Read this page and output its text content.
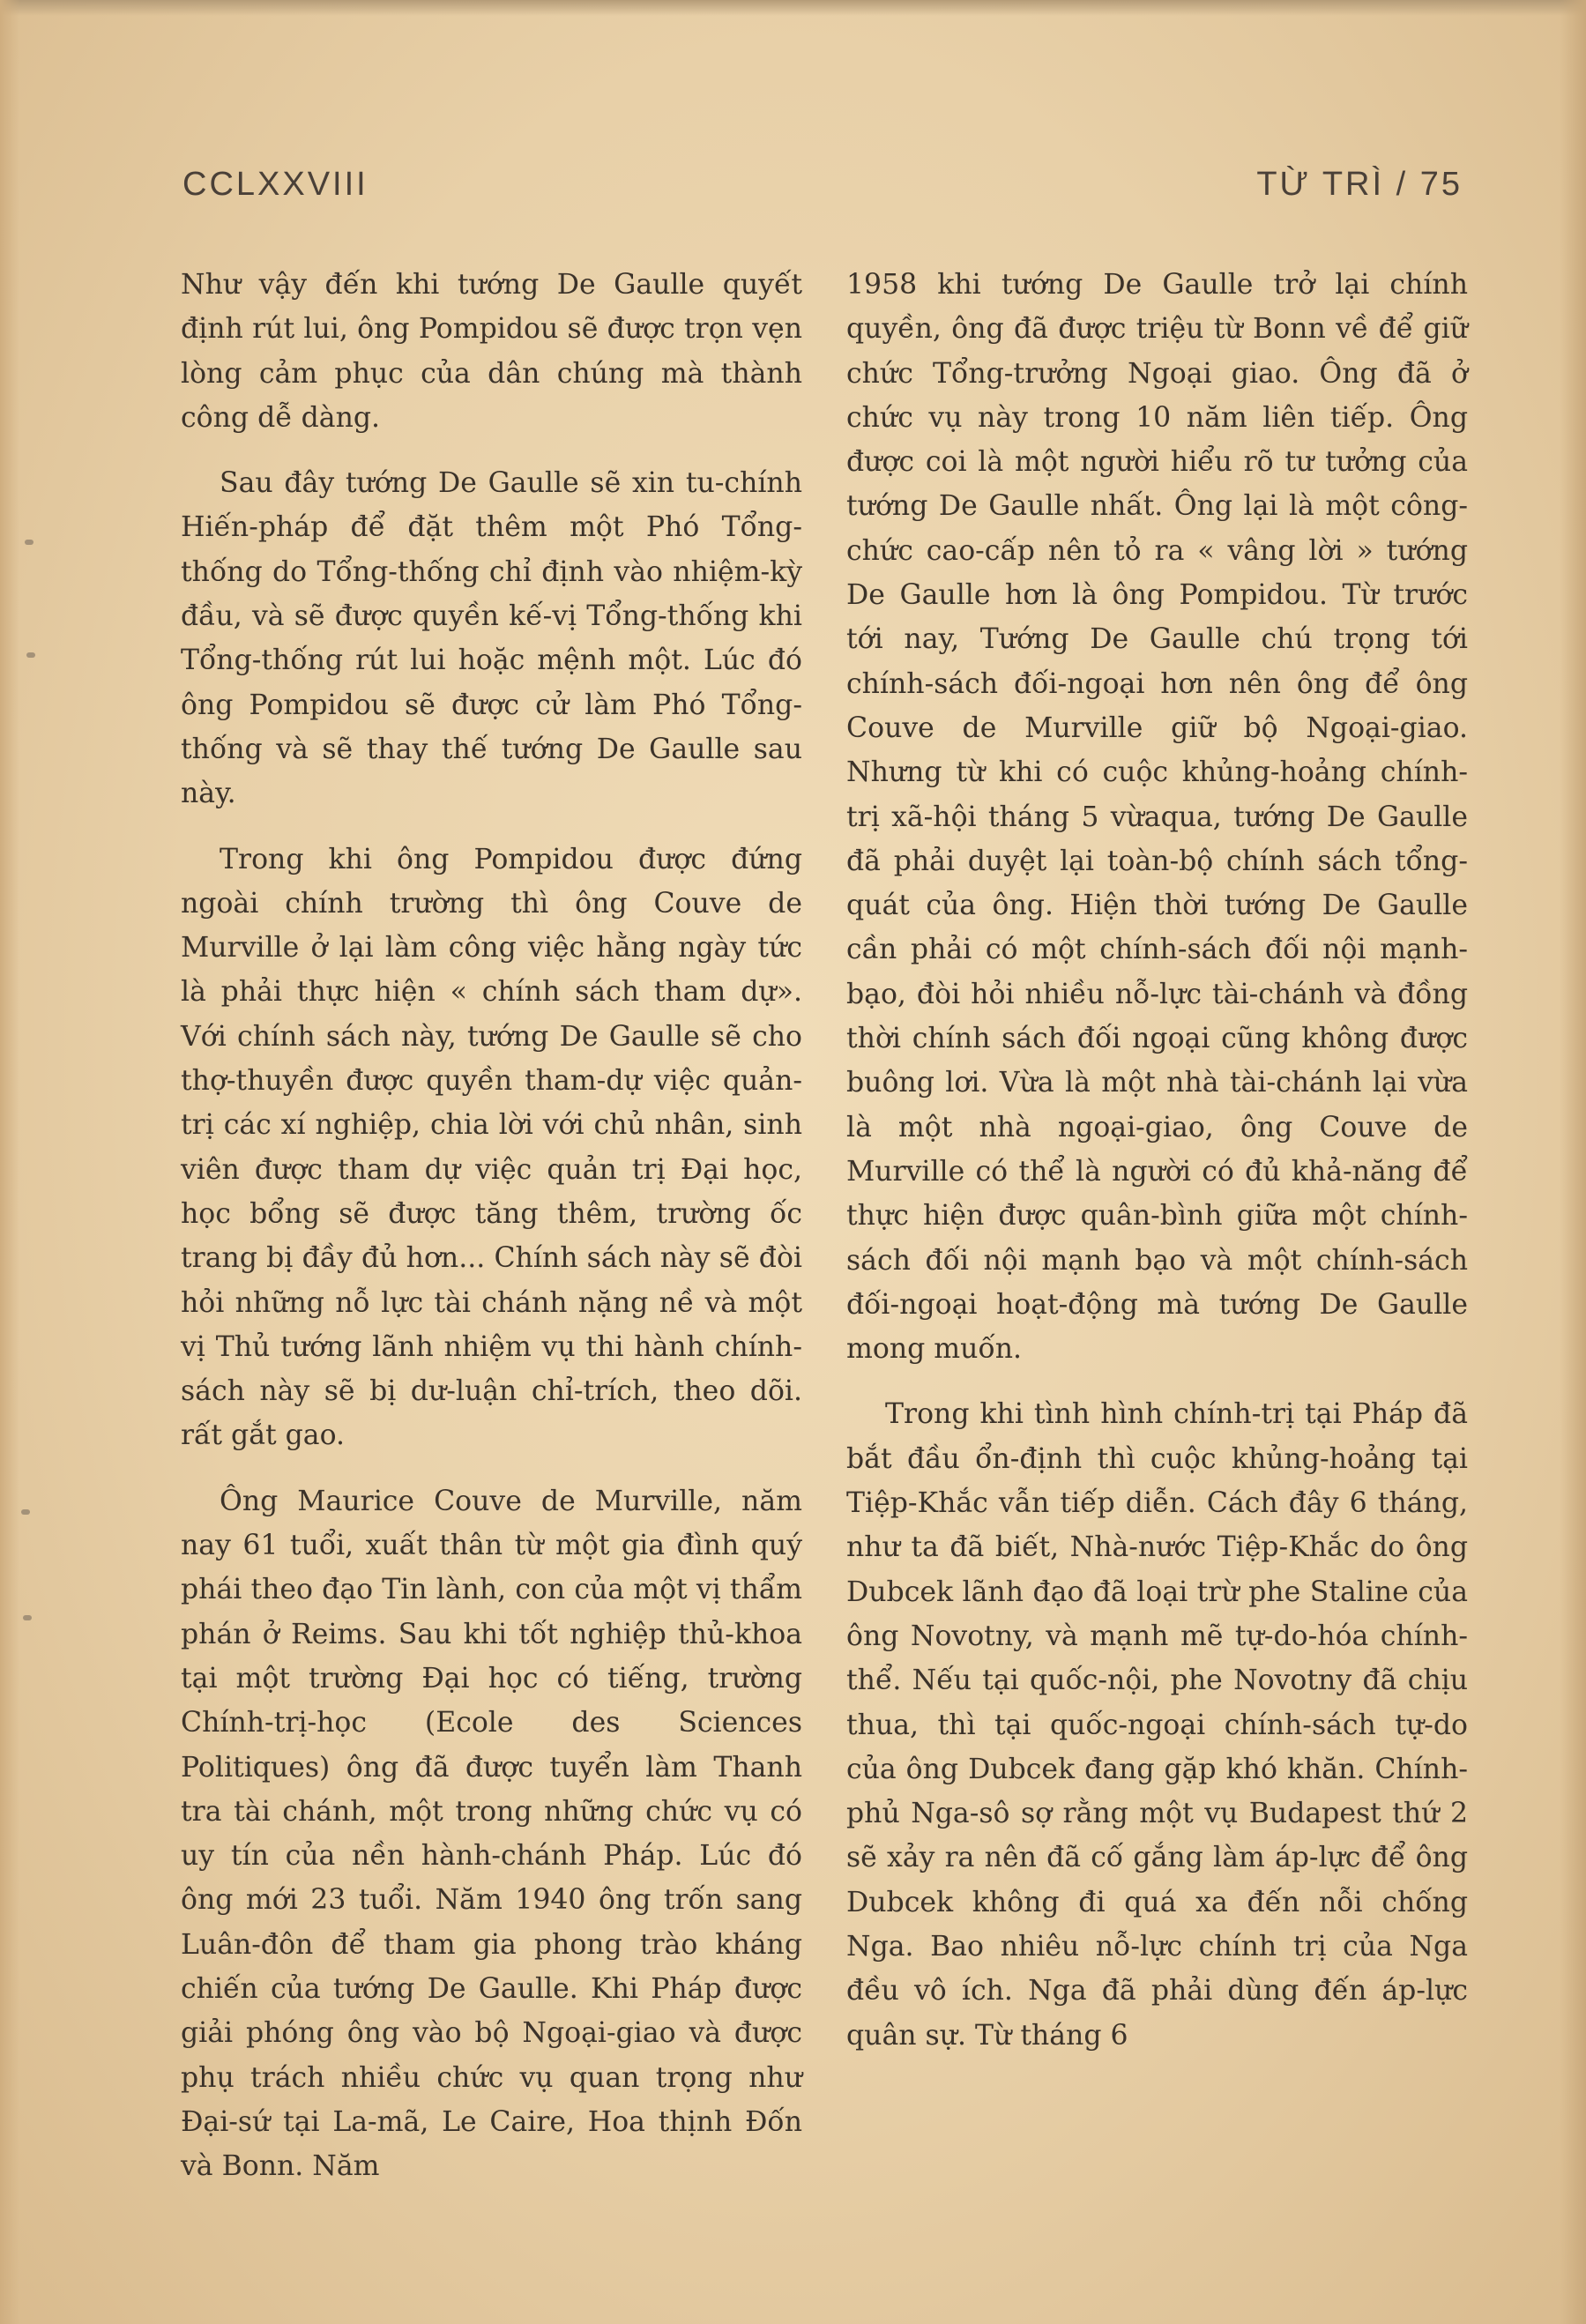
CCLXXVIII	TỪ TRÌ / 75

Như vậy đến khi tướng De Gaulle quyết định rút lui, ông Pompidou sẽ được trọn vẹn lòng cảm phục của dân chúng mà thành công dễ dàng.

Sau đây tướng De Gaulle sẽ xin tu-chính Hiến-pháp để đặt thêm một Phó Tổng-thống do Tổng-thống chỉ định vào nhiệm-kỳ đầu, và sẽ được quyền kế-vị Tổng-thống khi Tổng-thống rút lui hoặc mệnh một. Lúc đó ông Pompidou sẽ được cử làm Phó Tổng-thống và sẽ thay thế tướng De Gaulle sau này.

Trong khi ông Pompidou được đứng ngoài chính trường thì ông Couve de Murville ở lại làm công việc hằng ngày tức là phải thực hiện « chính sách tham dự». Với chính sách này, tướng De Gaulle sẽ cho thợ-thuyền được quyền tham-dự việc quản-trị các xí nghiệp, chia lời với chủ nhân, sinh viên được tham dự việc quản trị Đại học, học bổng sẽ được tăng thêm, trường ốc trang bị đầy đủ hơn... Chính sách này sẽ đòi hỏi những nỗ lực tài chánh nặng nề và một vị Thủ tướng lãnh nhiệm vụ thi hành chính-sách này sẽ bị dư-luận chỉ-trích, theo dõi. rất gắt gao.

Ông Maurice Couve de Murville, năm nay 61 tuổi, xuất thân từ một gia đình quý phái theo đạo Tin lành, con của một vị thẩm phán ở Reims. Sau khi tốt nghiệp thủ-khoa tại một trường Đại học có tiếng, trường Chính-trị-học (Ecole des Sciences Politiques) ông đã được tuyển làm Thanh tra tài chánh, một trong những chức vụ có uy tín của nền hành-chánh Pháp. Lúc đó ông mới 23 tuổi. Năm 1940 ông trốn sang Luân-đôn để tham gia phong trào kháng chiến của tướng De Gaulle. Khi Pháp được giải phóng ông vào bộ Ngoại-giao và được phụ trách nhiều chức vụ quan trọng như Đại-sứ tại La-mã, Le Caire, Hoa thịnh Đốn và Bonn. Năm

1958 khi tướng De Gaulle trở lại chính quyền, ông đã được triệu từ Bonn về để giữ chức Tổng-trưởng Ngoại giao. Ông đã ở chức vụ này trong 10 năm liên tiếp. Ông được coi là một người hiểu rõ tư tưởng của tướng De Gaulle nhất. Ông lại là một công-chức cao-cấp nên tỏ ra « vâng lời » tướng De Gaulle hơn là ông Pompidou. Từ trước tới nay, Tướng De Gaulle chú trọng tới chính-sách đối-ngoại hơn nên ông để ông Couve de Murville giữ bộ Ngoại-giao. Nhưng từ khi có cuộc khủng-hoảng chính-trị xã-hội tháng 5 vừaqua, tướng De Gaulle đã phải duyệt lại toàn-bộ chính sách tổng-quát của ông. Hiện thời tướng De Gaulle cần phải có một chính-sách đối nội mạnh-bạo, đòi hỏi nhiều nỗ-lực tài-chánh và đồng thời chính sách đối ngoại cũng không được buông lơi. Vừa là một nhà tài-chánh lại vừa là một nhà ngoại-giao, ông Couve de Murville có thể là người có đủ khả-năng để thực hiện được quân-bình giữa một chính-sách đối nội mạnh bạo và một chính-sách đối-ngoại hoạt-động mà tướng De Gaulle mong muốn.

Trong khi tình hình chính-trị tại Pháp đã bắt đầu ổn-định thì cuộc khủng-hoảng tại Tiệp-Khắc vẫn tiếp diễn. Cách đây 6 tháng, như ta đã biết, Nhà-nước Tiệp-Khắc do ông Dubcek lãnh đạo đã loại trừ phe Staline của ông Novotny, và mạnh mẽ tự-do-hóa chính-thể. Nếu tại quốc-nội, phe Novotny đã chịu thua, thì tại quốc-ngoại chính-sách tự-do của ông Dubcek đang gặp khó khăn. Chính-phủ Nga-sô sợ rằng một vụ Budapest thứ 2 sẽ xảy ra nên đã cố gắng làm áp-lực để ông Dubcek không đi quá xa đến nỗi chống Nga. Bao nhiêu nỗ-lực chính trị của Nga đều vô ích. Nga đã phải dùng đến áp-lực quân sự. Từ tháng 6
